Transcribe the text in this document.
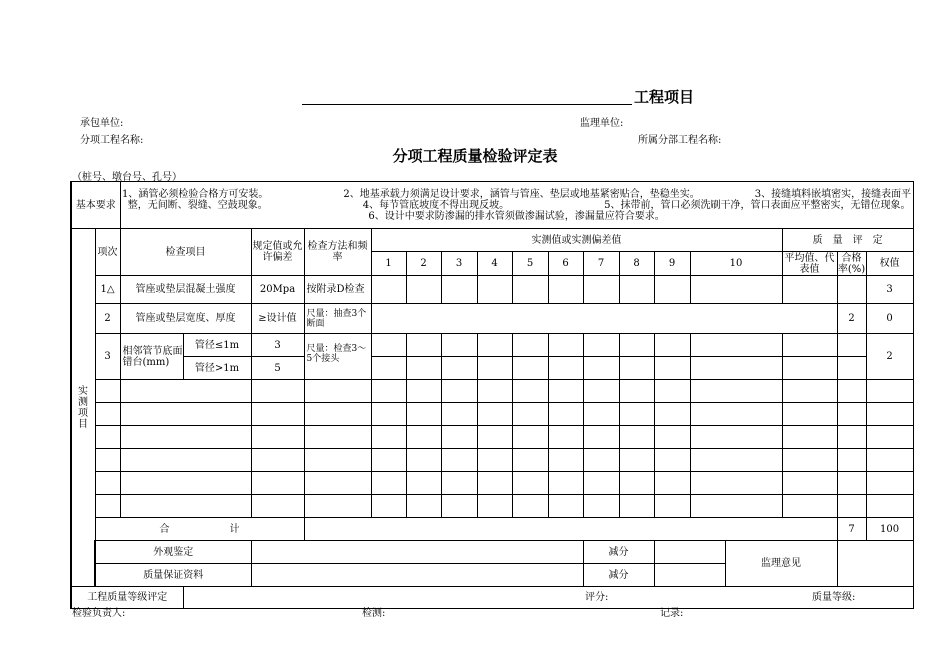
工程项目
承包单位:	监理单位:
分项工程名称:	所属分部工程名称:
分项工程质量检验评定表
（桩号、墩台号、孔号）
基本要求		1、涵管必须检验合格方可安装。　　　　　　　　2、地基承载力须满足设计要求，涵管与管座、垫层或地基紧密贴合，垫稳坐实。　　　　　　3、接缝填料嵌填密实，接缝表面平整，无间断、裂缝、空鼓现象。　　　　　　　　　　4、每节管底坡度不得出现反坡。　　　　　　　　　　5、抹带前，管口必须洗刷干净，管口表面应平整密实，无错位现象。　6、设计中要求防渗漏的排水管须做渗漏试验，渗漏量应符合要求。																		

实测项目	项次	检查项目		规定值或允许偏差	检查方法和频率	实测值或实测偏差值											质　量　评　定			
						1	2	3	4	5	6	7	8	9	10		平均值、代表值	合格率(%)	权值	
	1△	管座或垫层混凝土强度		20Mpa	按附录D检查														3	
	2	管座或垫层宽度、厚度		≥设计值	尺量：抽查3个断面													2	0	
	3	相邻管节底面错台(mm)	管径≤1m	3	尺量：检查3～5个接头														2	
			管径>1m	5																

	合　　　　　　计																	7	100	
	外观鉴定											减分				监理意见				
	质量保证资料											减分								
工程质量等级评定												评分:					质量等级:			
检验负责人:	检测:	记录:
